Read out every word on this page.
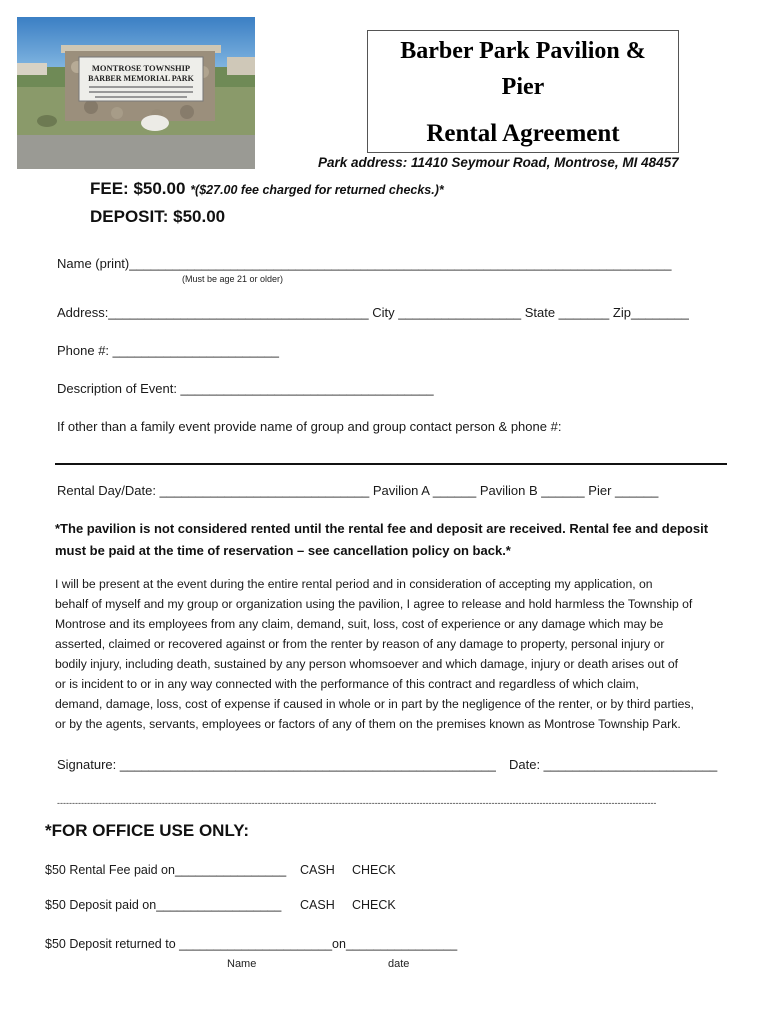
MONTROSE TOWNSHIP
BARBER MEMORIAL PARK
Barber Park Pavilion &
Pier
Rental Agreement
Park address: 11410 Seymour Road, Montrose, MI 48457
FEE: $50.00 *($27.00 fee charged for returned checks.)*
DEPOSIT: $50.00
Name (print)___________________________________________________________________________
(Must be age 21 or older)
Address:____________________________________ City _________________ State _______ Zip________
Phone #: _______________________
Description of Event: ___________________________________
If other than a family event provide name of group and group contact person & phone #:
Rental Day/Date: _____________________________ Pavilion A ______ Pavilion B ______ Pier ______
*The pavilion is not considered rented until the rental fee and deposit are received. Rental fee and deposit must be paid at the time of reservation – see cancellation policy on back.*
I will be present at the event during the entire rental period and in consideration of accepting my application, on
behalf of myself and my group or organization using the pavilion, I agree to release and hold harmless the Township of
Montrose and its employees from any claim, demand, suit, loss, cost of experience or any damage which may be
asserted, claimed or recovered against or from the renter by reason of any damage to property, personal injury or
bodily injury, including death, sustained by any person whomsoever and which damage, injury or death arises out of
or is incident to or in any way connected with the performance of this contract and regardless of which claim,
demand, damage, loss, cost of expense if caused in whole or in part by the negligence of the renter, or by third parties,
or by the agents, servants, employees or factors of any of them on the premises known as Montrose Township Park.
Signature: ____________________________________________________ Date: ________________________
--------------------------------------------------------------------------------------------------------------------------------------------------------------------------------------------------------
*FOR OFFICE USE ONLY:
$50 Rental Fee paid on________________ CASH CHECK
$50 Deposit paid on__________________ CASH CHECK
$50 Deposit returned to ______________________on________________
Name	date
